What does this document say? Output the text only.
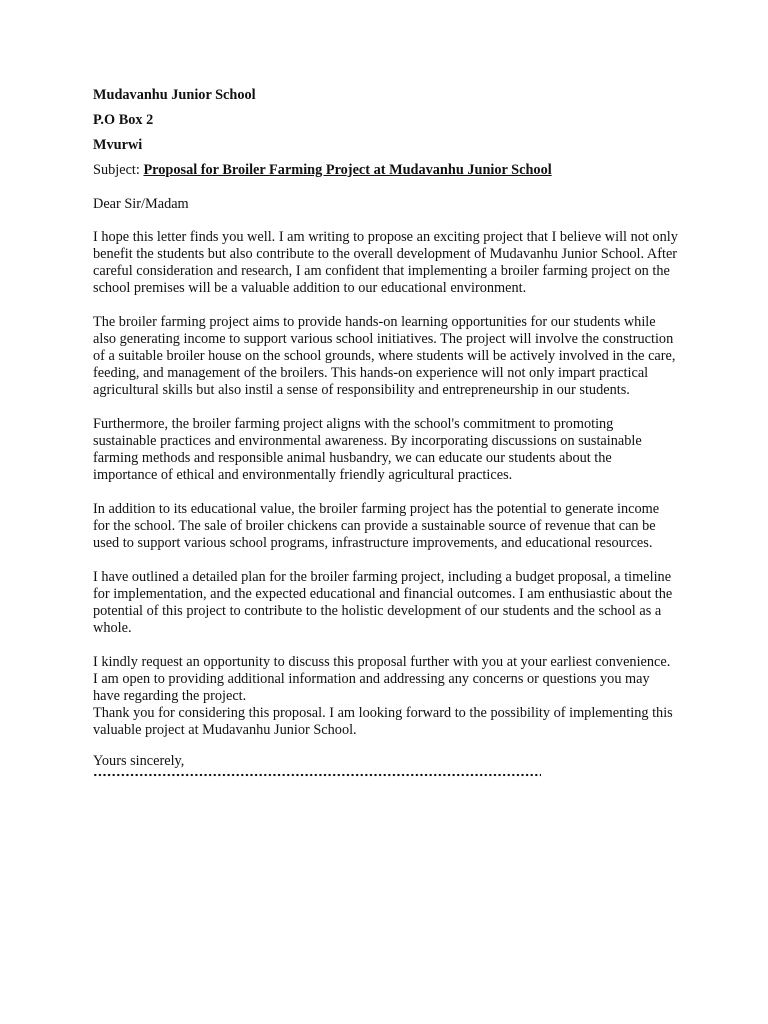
Mudavanhu Junior School
P.O Box 2
Mvurwi
Subject: Proposal for Broiler Farming Project at Mudavanhu Junior School
Dear Sir/Madam

I hope this letter finds you well. I am writing to propose an exciting project that I believe will not only benefit the students but also contribute to the overall development of Mudavanhu Junior School. After careful consideration and research, I am confident that implementing a broiler farming project on the school premises will be a valuable addition to our educational environment.

The broiler farming project aims to provide hands-on learning opportunities for our students while also generating income to support various school initiatives. The project will involve the construction of a suitable broiler house on the school grounds, where students will be actively involved in the care, feeding, and management of the broilers. This hands-on experience will not only impart practical agricultural skills but also instil a sense of responsibility and entrepreneurship in our students.

Furthermore, the broiler farming project aligns with the school's commitment to promoting sustainable practices and environmental awareness. By incorporating discussions on sustainable farming methods and responsible animal husbandry, we can educate our students about the importance of ethical and environmentally friendly agricultural practices.

In addition to its educational value, the broiler farming project has the potential to generate income for the school. The sale of broiler chickens can provide a sustainable source of revenue that can be used to support various school programs, infrastructure improvements, and educational resources.

I have outlined a detailed plan for the broiler farming project, including a budget proposal, a timeline for implementation, and the expected educational and financial outcomes. I am enthusiastic about the potential of this project to contribute to the holistic development of our students and the school as a whole.

I kindly request an opportunity to discuss this proposal further with you at your earliest convenience. I am open to providing additional information and addressing any concerns or questions you may have regarding the project.

Thank you for considering this proposal. I am looking forward to the possibility of implementing this valuable project at Mudavanhu Junior School.

Yours sincerely,
